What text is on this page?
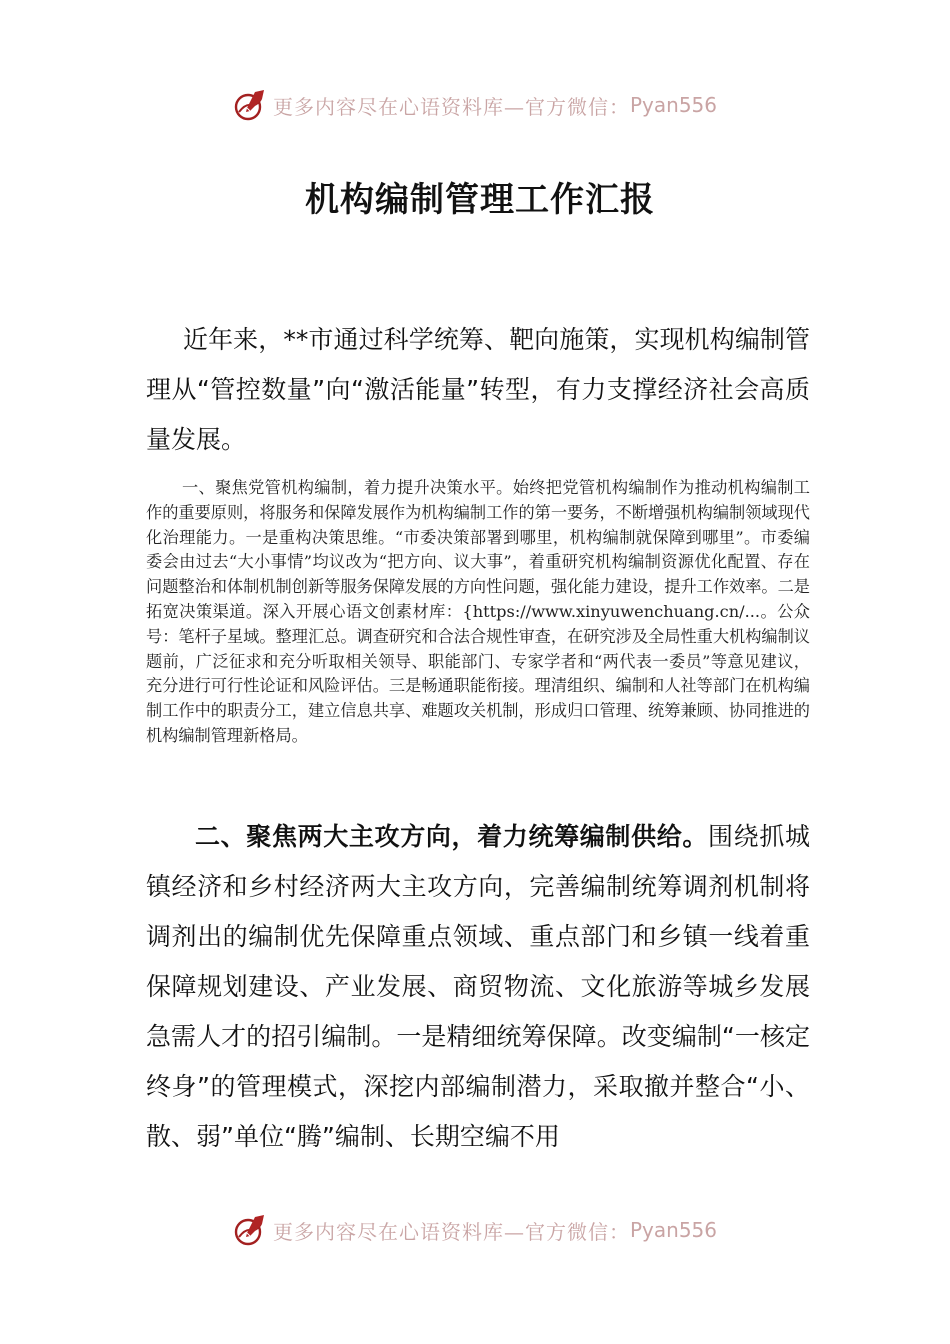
更多内容尽在心语资料库—官方微信： Pyan556
机构编制管理工作汇报

近年来，**市通过科学统筹、靶向施策，实现机构编制管理从“管控数量”向“激活能量”转型，有力支撑经济社会高质量发展。

一、聚焦党管机构编制，着力提升决策水平。始终把党管机构编制作为推动机构编制工作的重要原则，将服务和保障发展作为机构编制工作的第一要务，不断增强机构编制领域现代化治理能力。一是重构决策思维。“市委决策部署到哪里，机构编制就保障到哪里”。市委编委会由过去“大小事情”均议改为“把方向、议大事”，着重研究机构编制资源优化配置、存在问题整治和体制机制创新等服务保障发展的方向性问题，强化能力建设，提升工作效率。二是拓宽决策渠道。深入开展心语文创素材库：{https://www.xinyuwenchuang.cn/...。公众号：笔杆子星域。整理汇总。调查研究和合法合规性审查，在研究涉及全局性重大机构编制议题前，广泛征求和充分听取相关领导、职能部门、专家学者和“两代表一委员”等意见建议，充分进行可行性论证和风险评估。三是畅通职能衔接。理清组织、编制和人社等部门在机构编制工作中的职责分工，建立信息共享、难题攻关机制，形成归口管理、统筹兼顾、协同推进的机构编制管理新格局。

二、聚焦两大主攻方向，着力统筹编制供给。围绕抓城镇经济和乡村经济两大主攻方向，完善编制统筹调剂机制将调剂出的编制优先保障重点领域、重点部门和乡镇一线着重保障规划建设、产业发展、商贸物流、文化旅游等城乡发展急需人才的招引编制。一是精细统筹保障。改变编制“一核定终身”的管理模式，深挖内部编制潜力，采取撤并整合“小、散、弱”单位“腾”编制、长期空编不用

更多内容尽在心语资料库—官方微信： Pyan556
